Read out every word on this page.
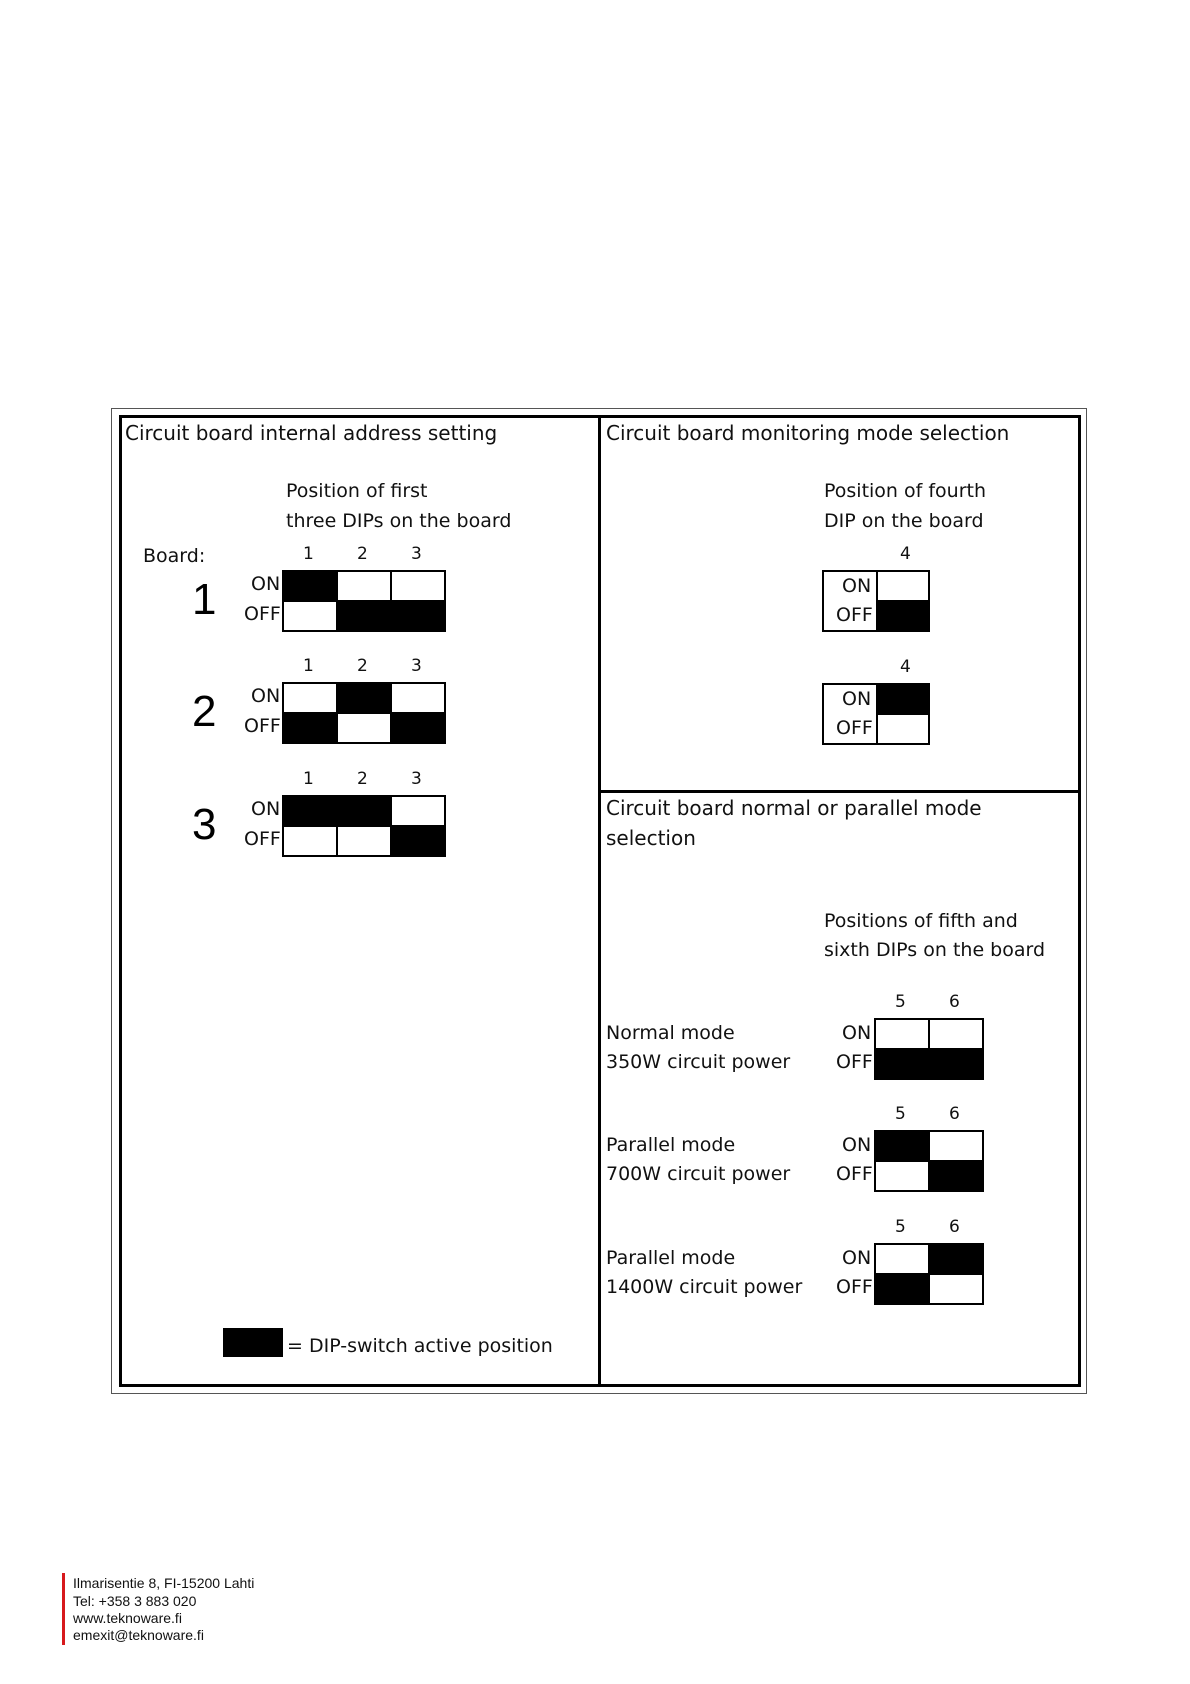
Circuit board internal address setting
Position of first
three DIPs on the board
Board:
1
1	2	3
ON
OFF
2
1	2	3
ON
OFF
3
1	2	3
ON
OFF
Circuit board monitoring mode selection
Position of fourth
DIP on the board
4
ON
OFF
4
ON
OFF
Circuit board normal or parallel mode
selection
Positions of fifth and
sixth DIPs on the board
Normal mode
350W circuit power
5	6
ON
OFF
Parallel mode
700W circuit power
5	6
ON
OFF
Parallel mode
1400W circuit power
5	6
ON
OFF
= DIP-switch active position
Ilmarisentie 8, FI-15200 Lahti
Tel: +358 3 883 020
www.teknoware.fi
emexit@teknoware.fi
